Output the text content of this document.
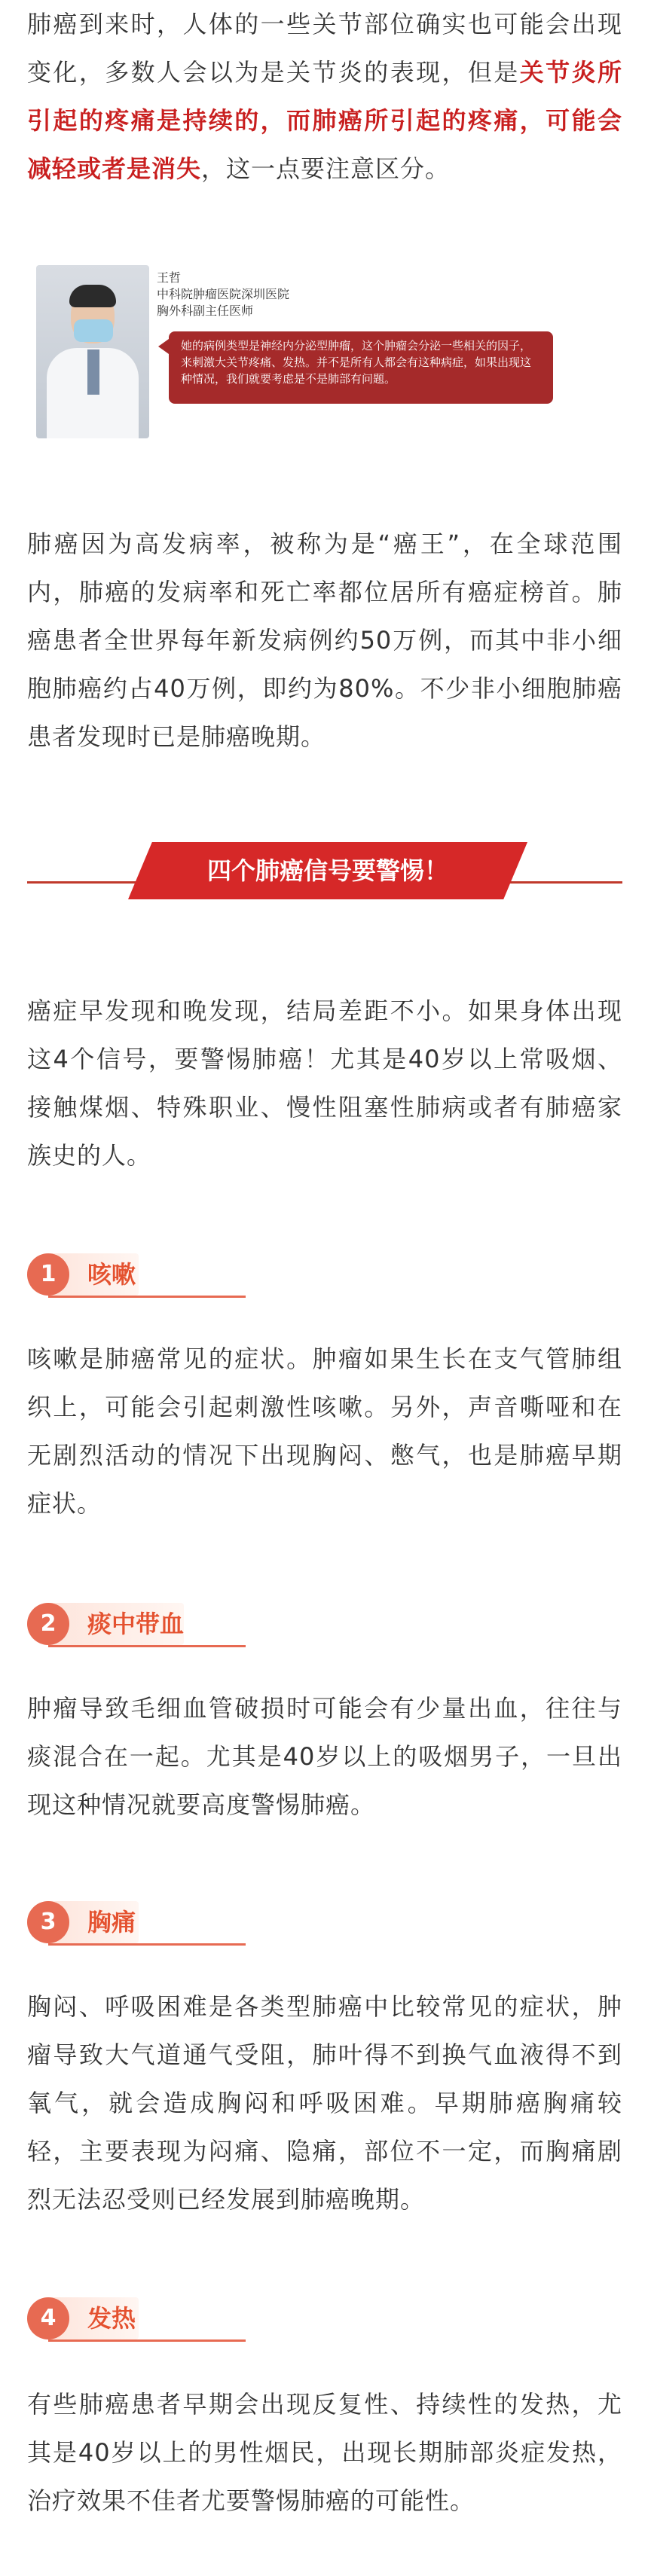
肺癌到来时，人体的一些关节部位确实也可能会出现变化，多数人会以为是关节炎的表现，但是关节炎所引起的疼痛是持续的，而肺癌所引起的疼痛，可能会减轻或者是消失，这一点要注意区分。

王哲

中科院肿瘤医院深圳医院

胸外科副主任医师

她的病例类型是神经内分泌型肿瘤，这个肿瘤会分泌一些相关的因子，来刺激大关节疼痛、发热。并不是所有人都会有这种病症，如果出现这种情况，我们就要考虑是不是肺部有问题。

肺癌因为高发病率，被称为是“癌王”，在全球范围内，肺癌的发病率和死亡率都位居所有癌症榜首。肺癌患者全世界每年新发病例约50万例，而其中非小细胞肺癌约占40万例，即约为80%。不少非小细胞肺癌患者发现时已是肺癌晚期。

四个肺癌信号要警惕！

癌症早发现和晚发现，结局差距不小。如果身体出现这4个信号，要警惕肺癌！尤其是40岁以上常吸烟、接触煤烟、特殊职业、慢性阻塞性肺病或者有肺癌家族史的人。

1	咳嗽

咳嗽是肺癌常见的症状。肿瘤如果生长在支气管肺组织上，可能会引起刺激性咳嗽。另外，声音嘶哑和在无剧烈活动的情况下出现胸闷、憋气，也是肺癌早期症状。

2	痰中带血

肿瘤导致毛细血管破损时可能会有少量出血，往往与痰混合在一起。尤其是40岁以上的吸烟男子，一旦出现这种情况就要高度警惕肺癌。

3	胸痛

胸闷、呼吸困难是各类型肺癌中比较常见的症状，肿瘤导致大气道通气受阻，肺叶得不到换气血液得不到氧气，就会造成胸闷和呼吸困难。早期肺癌胸痛较轻，主要表现为闷痛、隐痛，部位不一定，而胸痛剧烈无法忍受则已经发展到肺癌晚期。

4	发热

有些肺癌患者早期会出现反复性、持续性的发热，尤其是40岁以上的男性烟民，出现长期肺部炎症发热，治疗效果不佳者尤要警惕肺癌的可能性。
